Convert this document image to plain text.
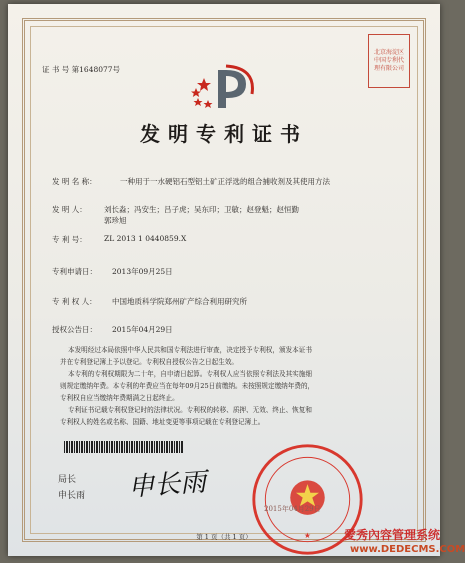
证 书 号 第1648077号
北京海淀区中国专利代理有限公司
发明专利证书
发 明 名 称：	一种用于一水硬铝石型铝土矿正浮选的组合捕收剂及其使用方法
发 明 人： 刘长淼；冯安生；吕子虎；吴东印；卫敏；赵登魁；赵恒勤
郭珍旭
专 利 号： ZL 2013 1 0440859.X
专利申请日： 2013年09月25日
专 利 权 人： 中国地质科学院郑州矿产综合利用研究所
授权公告日： 2015年04月29日

本发明经过本局依照中华人民共和国专利法进行审查，决定授予专利权，颁发本证书

并在专利登记簿上予以登记。专利权自授权公告之日起生效。

本专利的专利权期限为二十年，自申请日起算。专利权人应当依照专利法及其实施细

则规定缴纳年费。本专利的年费应当在每年09月25日前缴纳。未按照规定缴纳年费的，

专利权自应当缴纳年费期满之日起终止。

专利证书记载专利权登记时的法律状况。专利权的转移、质押、无效、终止、恢复和

专利权人的姓名或名称、国籍、地址变更等事项记载在专利登记簿上。

局长
申长雨 申长雨
★
2015年04月29日
第 1 页（共 1 页）	愛秀內容管理系统
www.DEDECMS.COM
